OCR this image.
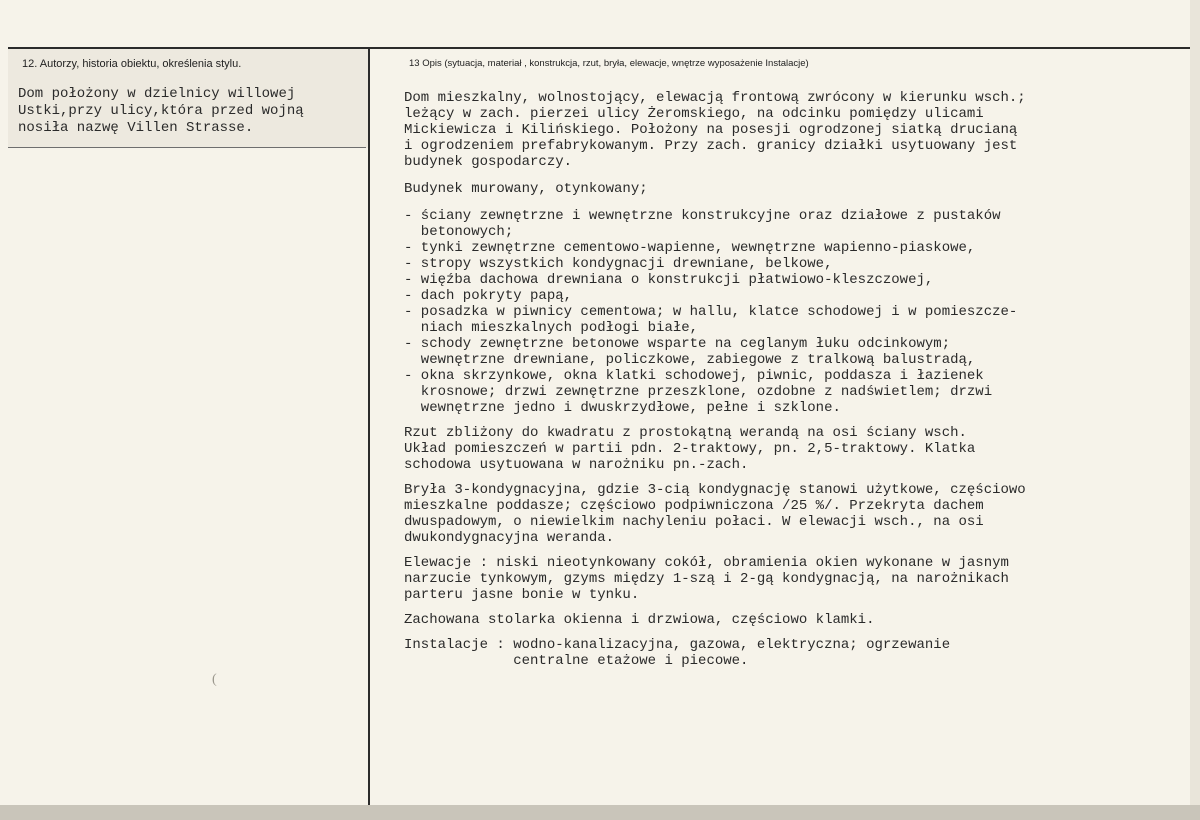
12. Autorzy, historia obiektu, określenia stylu.	13 Opis (sytuacja, materiał , konstrukcja, rzut, bryła, elewacje, wnętrze wyposażenie Instalacje)
Dom położony w dzielnicy willowej
Ustki,przy ulicy,która przed wojną
nosiła nazwę Villen Strasse.
Dom mieszkalny, wolnostojący, elewacją frontową zwrócony w kierunku wsch.;
leżący w zach. pierzei ulicy Żeromskiego, na odcinku pomiędzy ulicami
Mickiewicza i Kilińskiego. Położony na posesji ogrodzonej siatką drucianą
i ogrodzeniem prefabrykowanym. Przy zach. granicy działki usytuowany jest
budynek gospodarczy.
Budynek murowany, otynkowany;
- ściany zewnętrzne i wewnętrzne konstrukcyjne oraz działowe z pustaków
betonowych;
- tynki zewnętrzne cementowo-wapienne, wewnętrzne wapienno-piaskowe,
- stropy wszystkich kondygnacji drewniane, belkowe,
- więźba dachowa drewniana o konstrukcji płatwiowo-kleszczowej,
- dach pokryty papą,
- posadzka w piwnicy cementowa; w hallu, klatce schodowej i w pomieszcze-
niach mieszkalnych podłogi białe,
- schody zewnętrzne betonowe wsparte na ceglanym łuku odcinkowym;
wewnętrzne drewniane, policzkowe, zabiegowe z tralkową balustradą,
- okna skrzynkowe, okna klatki schodowej, piwnic, poddasza i łazienek
krosnowe; drzwi zewnętrzne przeszklone, ozdobne z nadświetlem; drzwi
wewnętrzne jedno i dwuskrzydłowe, pełne i szklone.
Rzut zbliżony do kwadratu z prostokątną werandą na osi ściany wsch.
Układ pomieszczeń w partii pdn. 2-traktowy, pn. 2,5-traktowy. Klatka
schodowa usytuowana w narożniku pn.-zach.
Bryła 3-kondygnacyjna, gdzie 3-cią kondygnację stanowi użytkowe, częściowo
mieszkalne poddasze; częściowo podpiwniczona /25 %/. Przekryta dachem
dwuspadowym, o niewielkim nachyleniu połaci. W elewacji wsch., na osi
dwukondygnacyjna weranda.
Elewacje : niski nieotynkowany cokół, obramienia okien wykonane w jasnym
narzucie tynkowym, gzyms między 1-szą i 2-gą kondygnacją, na narożnikach
parteru jasne bonie w tynku.
Zachowana stolarka okienna i drzwiowa, częściowo klamki.
Instalacje : wodno-kanalizacyjna, gazowa, elektryczna; ogrzewanie
centralne etażowe i piecowe.
(
